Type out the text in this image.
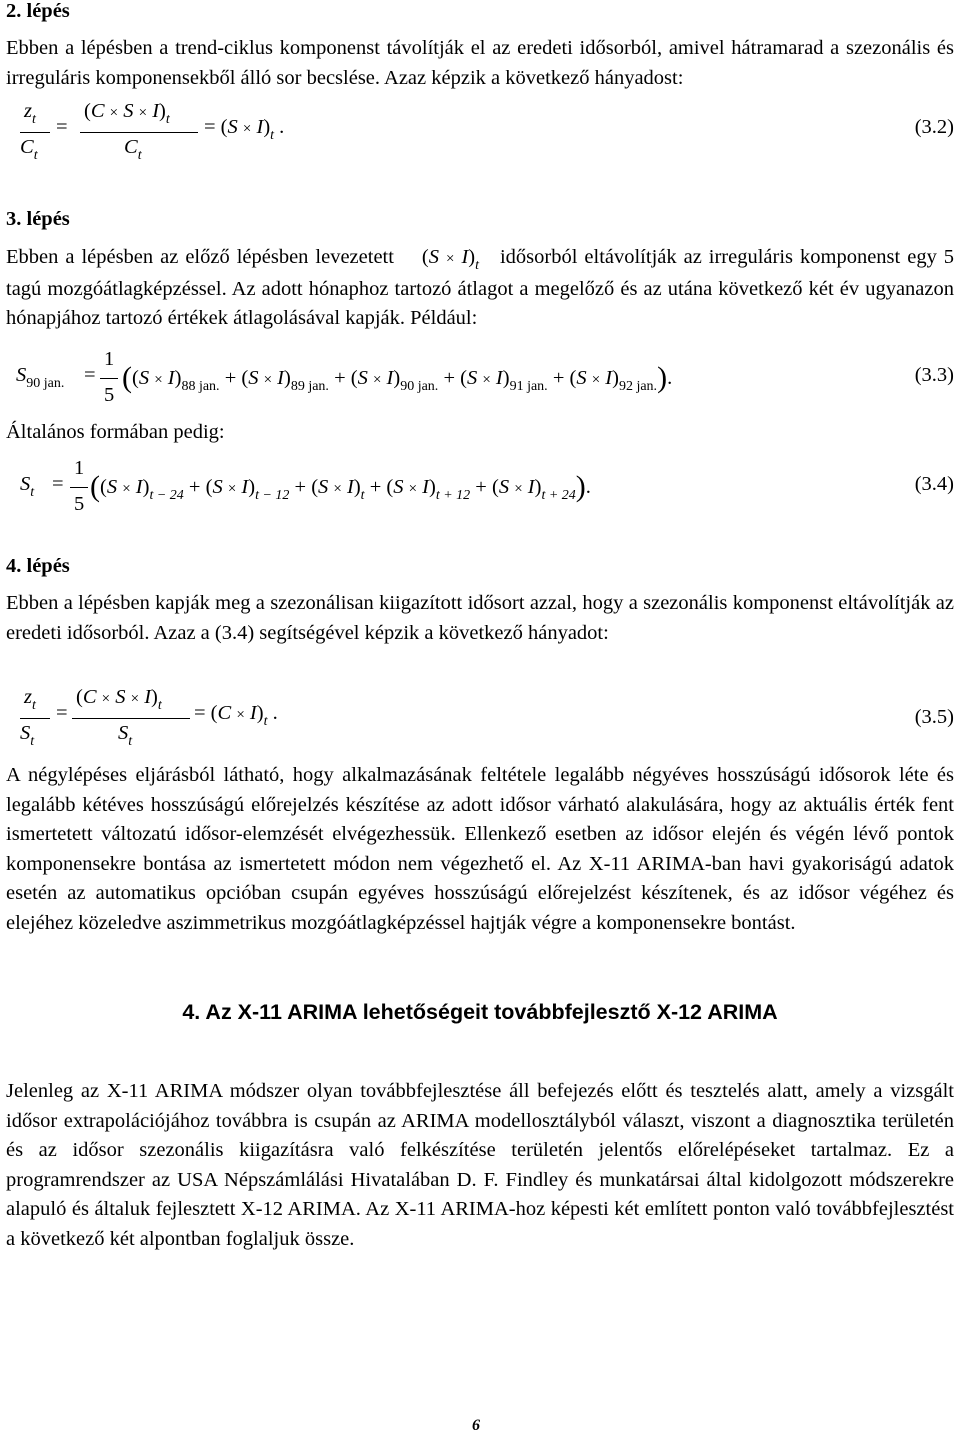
2. lépés

Ebben a lépésben a trend-ciklus komponenst távolítják el az eredeti idősorból, amivel hátramarad a szezonális és irreguláris komponensekből álló sor becslése. Azaz képzik a következő hányadost:

$z_t$
$C_t$
=
$(C \times S \times I)_t$
$C_t$
= $(S \times I)_t$ .	(3.2)
3. lépés

Ebben a lépésben az előző lépésben levezetett    $(S \times I)_t$ idősorból eltávolítják az irreguláris komponenst egy 5 tagú mozgóátlagképzéssel. Az adott hónaphoz tartozó átlagot a megelőző és az utána következő két év ugyanazon hónapjához tartozó értékek átlagolásával kapják. Például:

$S_{90 jan.}$ =
1
5
$((S \times I)_{88 jan.} + (S \times I)_{89 jan.} + (S \times I)_{90 jan.} + (S \times I)_{91 jan.} + (S \times I)_{92 jan.})$.	(3.3)

Általános formában pedig:

$S_t$ =
1
5
$((S \times I)_{t - 24} + (S \times I)_{t - 12} + (S \times I)_t + (S \times I)_{t + 12} + (S \times I)_{t + 24})$.	(3.4)
4. lépés

Ebben a lépésben kapják meg a szezonálisan kiigazított idősort azzal, hogy a szezonális komponenst eltávolítják az eredeti idősorból. Azaz a (3.4) segítségével képzik a következő hányadot:

$z_t$
$S_t$
=
$(C \times S \times I)_t$
$S_t$
= $(C \times I)_t$ .	(3.5)

A négylépéses eljárásból látható, hogy alkalmazásának feltétele legalább négyéves hosszúságú idősorok léte és legalább kétéves hosszúságú előrejelzés készítése az adott idősor várható alakulására, hogy az aktuális érték fent ismertetett változatú idősor-elemzését elvégezhessük. Ellenkező esetben az idősor elején és végén lévő pontok komponensekre bontása az ismertetett módon nem végezhető el. Az X-11 ARIMA-ban havi gyakoriságú adatok esetén az automatikus opcióban csupán egyéves hosszúságú előrejelzést készítenek, és az idősor végéhez és elejéhez közeledve aszimmetrikus mozgóátlagképzéssel hajtják végre a komponensekre bontást.

4. Az X-11 ARIMA lehetőségeit továbbfejlesztő X-12 ARIMA

Jelenleg az X-11 ARIMA módszer olyan továbbfejlesztése áll befejezés előtt és tesztelés alatt, amely a vizsgált idősor extrapolációjához továbbra is csupán az ARIMA modellosztályból választ, viszont a diagnosztika területén és az idősor szezonális kiigazításra való felkészítése területén jelentős előrelépéseket tartalmaz. Ez a programrendszer az USA Népszámlálási Hivatalában D. F. Findley és munkatársai által kidolgozott módszerekre alapuló és általuk fejlesztett X-12 ARIMA. Az X-11 ARIMA-hoz képesti két említett ponton való továbbfejlesztést a következő két alpontban foglaljuk össze.

6
